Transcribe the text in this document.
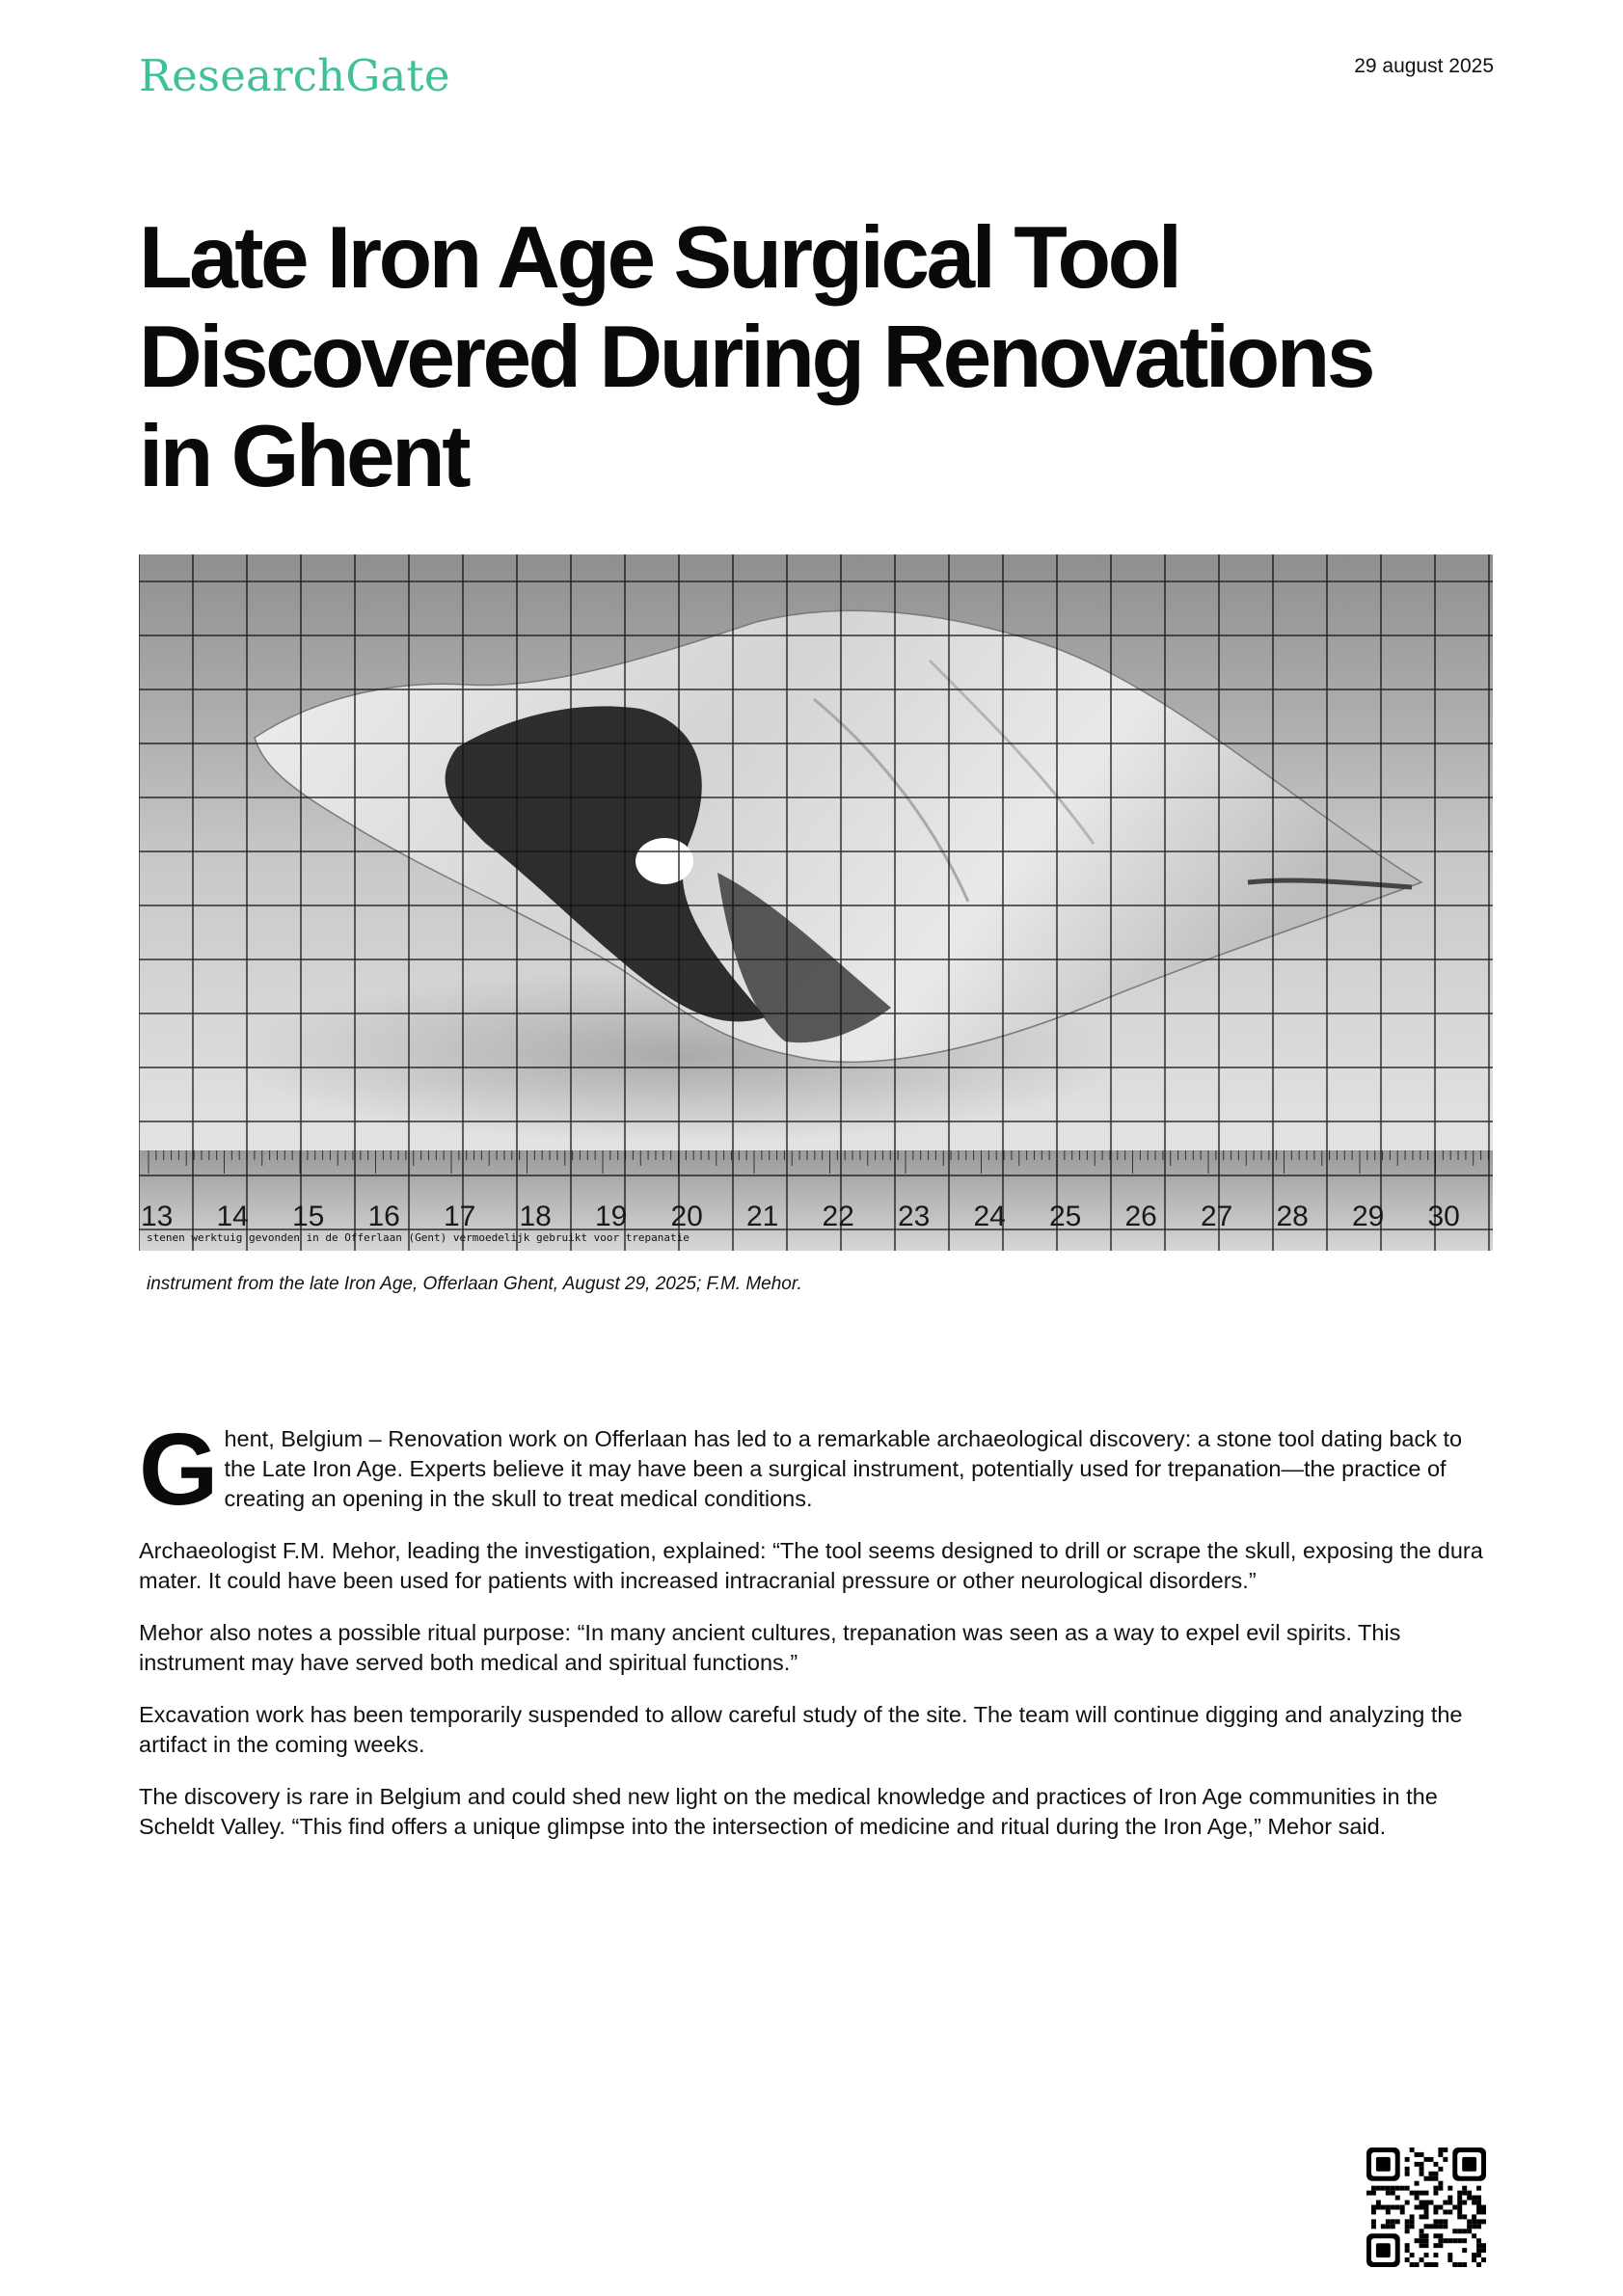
ResearchGate	29 august 2025
Late Iron Age Surgical Tool
Discovered During Renovations
in Ghent
13 14 15 16 17 18 19 20 21 22 23 24 25 26 27 28 29 30
stenen werktuig gevonden in de Offerlaan (Gent) vermoedelijk gebruikt voor trepanatie
instrument from the late Iron Age, Offerlaan Ghent, August 29, 2025; F.M. Mehor.

Ghent, Belgium – Renovation work on Offerlaan has led to a remarkable archaeological discovery: a stone tool dating back to the Late Iron Age. Experts believe it may have been a surgical instrument, potentially used for trepanation—the practice of creating an opening in the skull to treat medical conditions.

Archaeologist F.M. Mehor, leading the investigation, explained: “The tool seems designed to drill or scrape the skull, exposing the dura mater. It could have been used for patients with increased intracranial pressure or other neurological disorders.”

Mehor also notes a possible ritual purpose: “In many ancient cultures, trepanation was seen as a way to expel evil spirits. This instrument may have served both medical and spiritual functions.”

Excavation work has been temporarily suspended to allow careful study of the site. The team will continue digging and analyzing the artifact in the coming weeks.

The discovery is rare in Belgium and could shed new light on the medical knowledge and practices of Iron Age communities in the Scheldt Valley. “This find offers a unique glimpse into the intersection of medicine and ritual during the Iron Age,” Mehor said.
